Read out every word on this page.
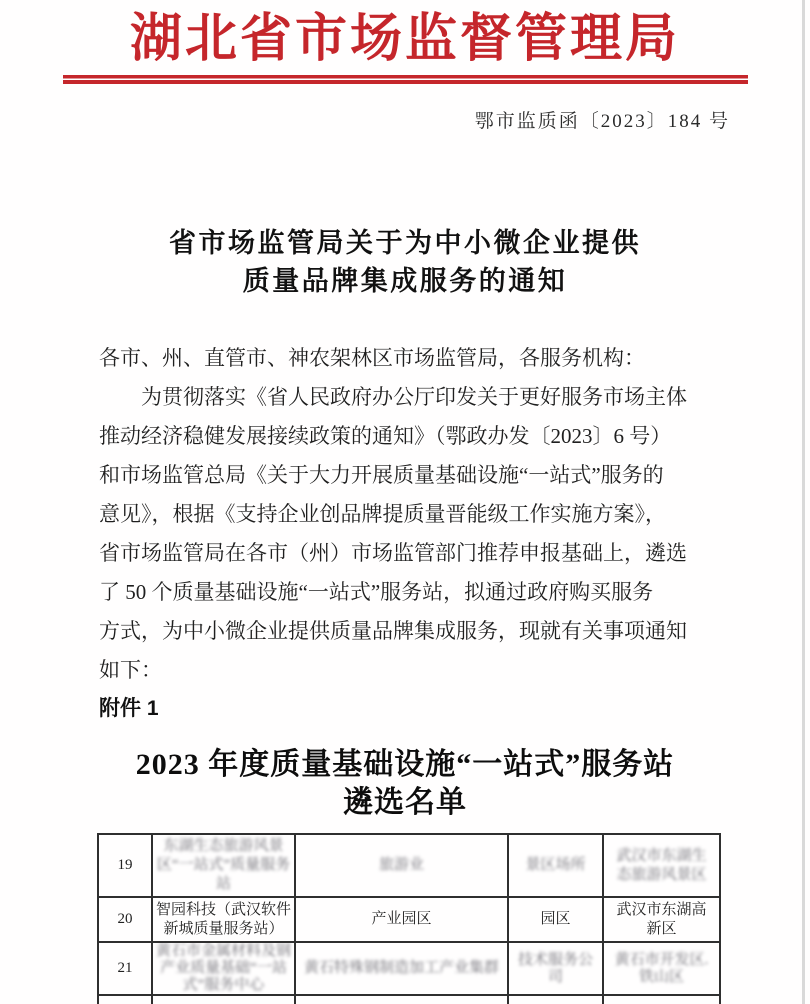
湖北省市场监督管理局
鄂市监质函〔2023〕184 号
省市场监管局关于为中小微企业提供
质量品牌集成服务的通知
各市、州、直管市、神农架林区市场监管局，各服务机构：
　　为贯彻落实《省人民政府办公厅印发关于更好服务市场主体
推动经济稳健发展接续政策的通知》（鄂政办发〔2023〕6 号）
和市场监管总局《关于大力开展质量基础设施“一站式”服务的
意见》，根据《支持企业创品牌提质量晋能级工作实施方案》，
省市场监管局在各市（州）市场监管部门推荐申报基础上，遴选
了 50 个质量基础设施“一站式”服务站，拟通过政府购买服务
方式，为中小微企业提供质量品牌集成服务，现就有关事项通知
如下：
附件 1
2023 年度质量基础设施“一站式”服务站
遴选名单
19	东湖生态旅游风景区“一站式”质量服务站	旅游业	景区场所	武汉市东湖生态旅游风景区
20	智园科技（武汉软件新城质量服务站）	产业园区	园区	武汉市东湖高新区
21	黄石市金属材料及钢产业质量基础“一站式”服务中心	黄石特殊钢制造加工产业集群	技术服务公司	黄石市开发区.铁山区
